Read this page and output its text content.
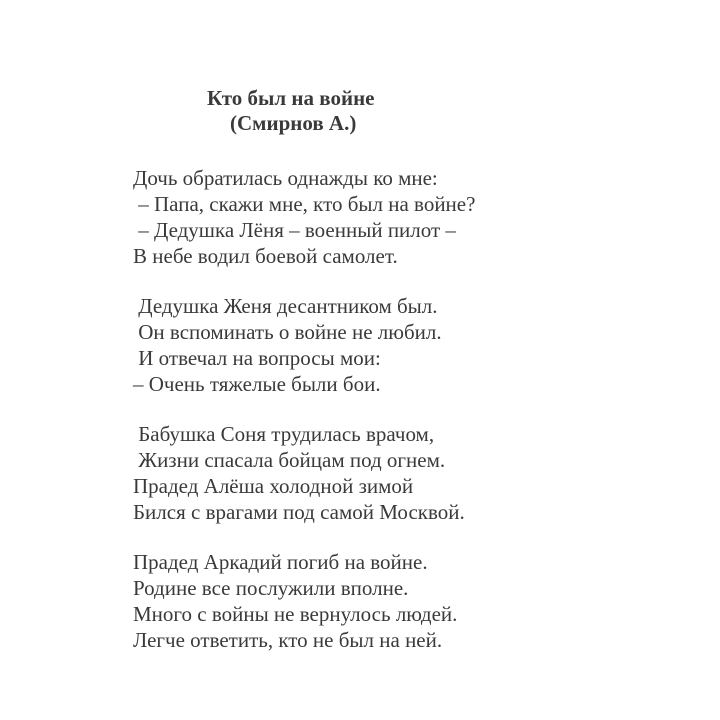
Кто был на войне
(Смирнов А.)
Дочь обратилась однажды ко мне:
– Папа, скажи мне, кто был на войне?
– Дедушка Лёня – военный пилот –
В небе водил боевой самолет.
Дедушка Женя десантником был.
Он вспоминать о войне не любил.
И отвечал на вопросы мои:
– Очень тяжелые были бои.
Бабушка Соня трудилась врачом,
Жизни спасала бойцам под огнем.
Прадед Алёша холодной зимой
Бился с врагами под самой Москвой.
Прадед Аркадий погиб на войне.
Родине все послужили вполне.
Много с войны не вернулось людей.
Легче ответить, кто не был на ней.
